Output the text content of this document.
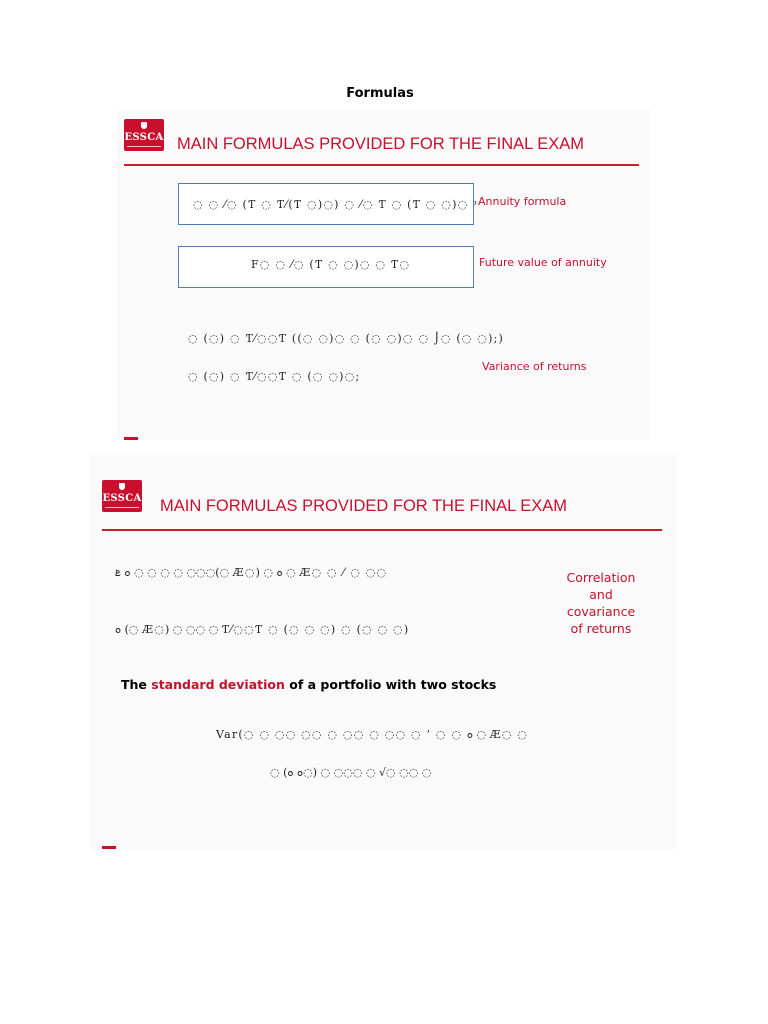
Formulas
ESSCA MAIN FORMULAS PROVIDED FOR THE FINAL EXAM
◌ ◌ ⁄◌ (Ƭ ◌ Ƭ⁄(Ƭ ◌)◌) ◌ ⁄◌ Ƭ ◌ (Ƭ ◌ ◌)◌ ᵌ Annuity formula
F◌ ◌ ⁄◌ (Ƭ ◌ ◌)◌ ◌ Ƭ◌	Future value of annuity
◌ (◌) ◌ Ƭ⁄◌◌Ƭ ((◌ ◌)◌ ◌ (◌ ◌)◌ ◌ ⌡◌ (◌ ◌);)
◌ (◌) ◌ Ƭ⁄◌◌Ƭ ◌ (◌ ◌)◌;
Variance of returns
ESSCA MAIN FORMULAS PROVIDED FOR THE FINAL EXAM
ܘ ܧ ◌ ◌ ◌ ◌ ◌◌◌(◌ Æ◌) ◌ ܘ ◌ Æ◌ ◌ ⁄ ◌ ◌◌
ܘ (◌ Æ◌) ◌ ◌◌ ◌ Ƭ⁄◌◌Ƭ ◌ (◌ ◌ ◌) ◌ (◌ ◌ ◌)
Correlation and covariance of returns
The standard deviation of a portfolio with two stocks
Var(◌ ◌ ◌◌ ◌◌ ◌ ◌◌ ◌ ◌◌ ◌ ’ ◌ ◌ ܘ ◌ Æ◌ ◌
◌ (ܘ ܘ◌) ◌ ◌◌◌ ◌ √◌ ◌◌ ◌
